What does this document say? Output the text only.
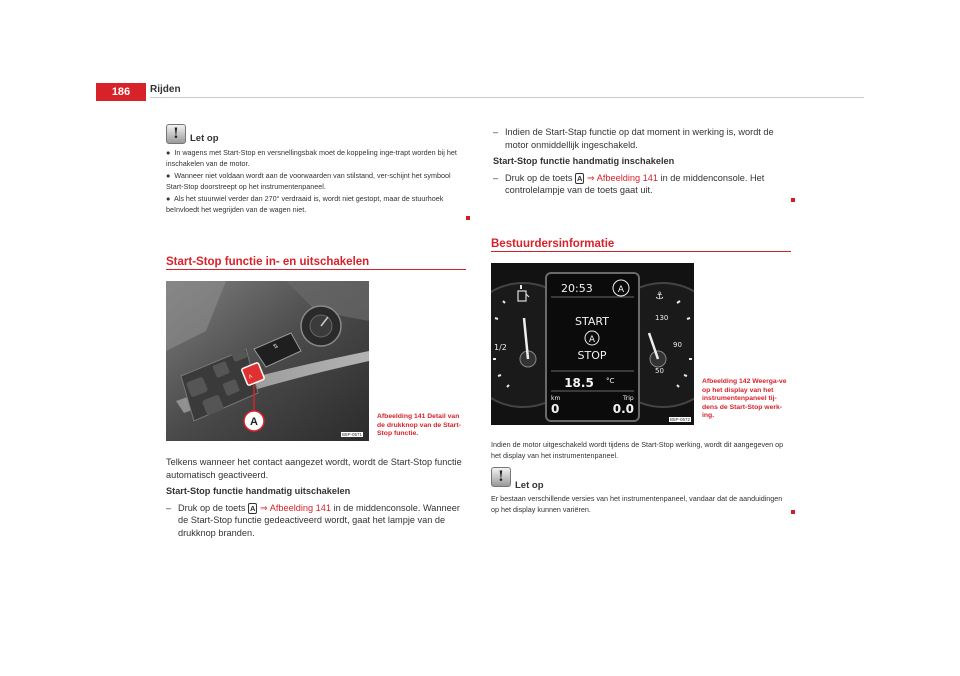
186	Rijden
!	Let op

●  In wagens met Start-Stop en versnellingsbak moet de koppeling inge-trapt worden bij het inschakelen van de motor.

●  Wanneer niet voldaan wordt aan de voorwaarden van stilstand, ver-schijnt het symbool Start-Stop doorstreept op het instrumentenpaneel.

●  Als het stuurwiel verder dan 270° verdraaid is, wordt niet gestopt, maar de stuurhoek beïnvloedt het wegrijden van de wagen niet.

Start-Stop functie in- en uitschakelen
A
⇅
A
B5P-0571
Afbeelding 141 Detail van de drukknop van de Start-Stop functie.

Telkens wanneer het contact aangezet wordt, wordt de Start-Stop functie automatisch geactiveerd.

Start-Stop functie handmatig uitschakelen

– Druk op de toets A ⇒ Afbeelding 141 in de middenconsole. Wanneer de Start-Stop functie gedeactiveerd wordt, gaat het lampje van de drukknop branden.
– Indien de Start-Stap functie op dat moment in werking is, wordt de motor onmiddellijk ingeschakeld.

Start-Stop functie handmatig inschakelen

– Druk op de toets A ⇒ Afbeelding 141 in de middenconsole. Het controlelampje van de toets gaat uit.
Bestuurdersinformatie
1/2
130
90
50
⚓
20:53	A
START
A
STOP
18.5 °C
km	Trip
0	0.0
B5P-0672
Afbeelding 142 Weerga-ve op het display van het instrumentenpaneel tij-dens de Start-Stop werk-ing.
Indien de motor uitgeschakeld wordt tijdens de Start-Stop werking, wordt dit aangegeven op het display van het instrumentenpaneel.
!
Let op
Er bestaan verschillende versies van het instrumentenpaneel, vandaar dat de aanduidingen op het display kunnen variëren.
